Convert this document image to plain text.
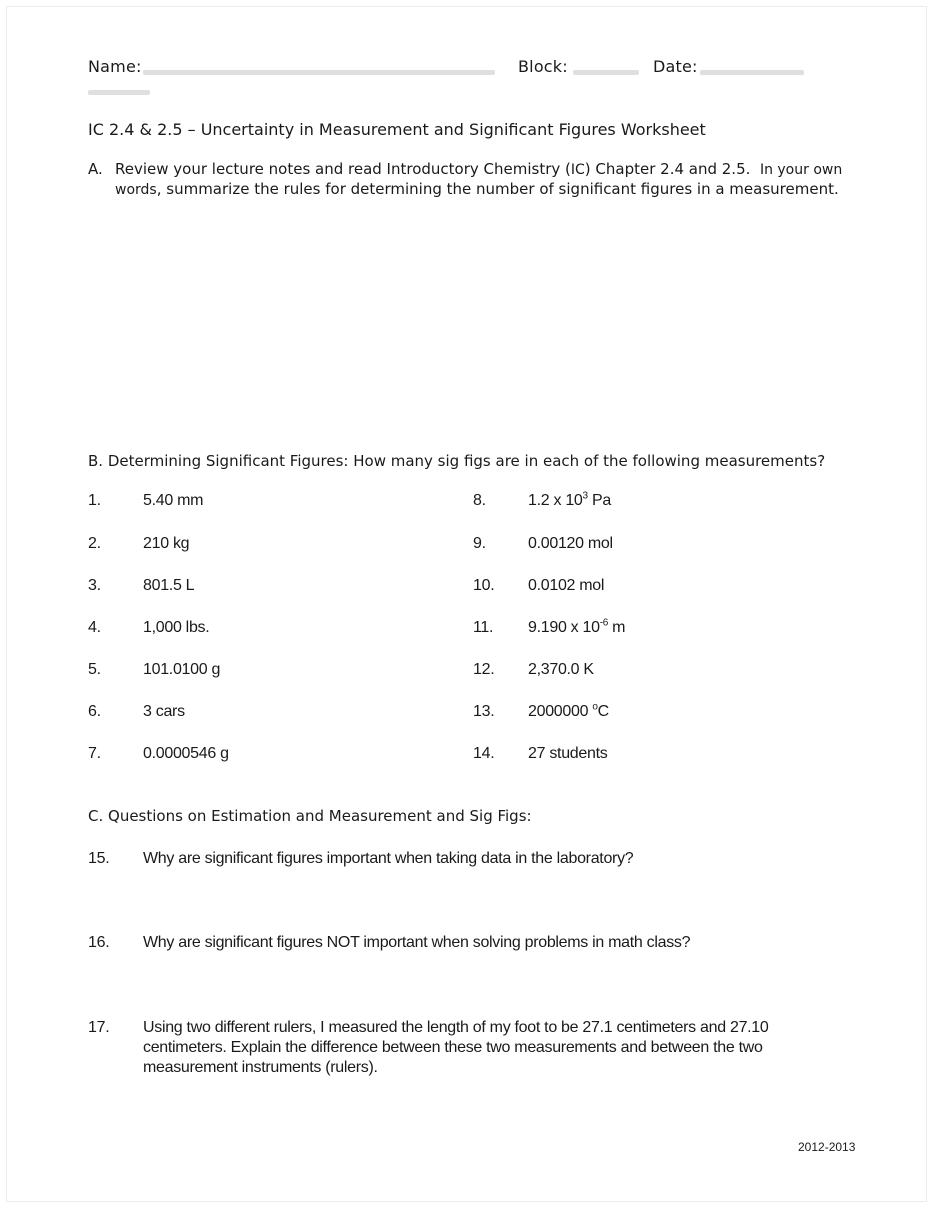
Name:	Block:	Date:
IC 2.4 & 2.5 – Uncertainty in Measurement and Significant Figures Worksheet
A. Review your lecture notes and read Introductory Chemistry (IC) Chapter 2.4 and 2.5. In your own
words, summarize the rules for determining the number of significant figures in a measurement.
B. Determining Significant Figures: How many sig figs are in each of the following measurements?
1.	5.40 mm
2.	210 kg
3.	801.5 L
4.	1,000 lbs.
5.	101.0100 g
6.	3 cars
7.	0.0000546 g
8.	1.2 x $10^3$ Pa
9.	0.00120 mol
10. 0.0102 mol
11. 9.190 x $10^{-6}$ m
12. 2,370.0 K
13. 2000000 $^o$C
14. 27 students
C. Questions on Estimation and Measurement and Sig Figs:
15. Why are significant figures important when taking data in the laboratory?
16. Why are significant figures NOT important when solving problems in math class?
17. Using two different rulers, I measured the length of my foot to be 27.1 centimeters and 27.10 centimeters. Explain the difference between these two measurements and between the two measurement instruments (rulers).
2012-2013
